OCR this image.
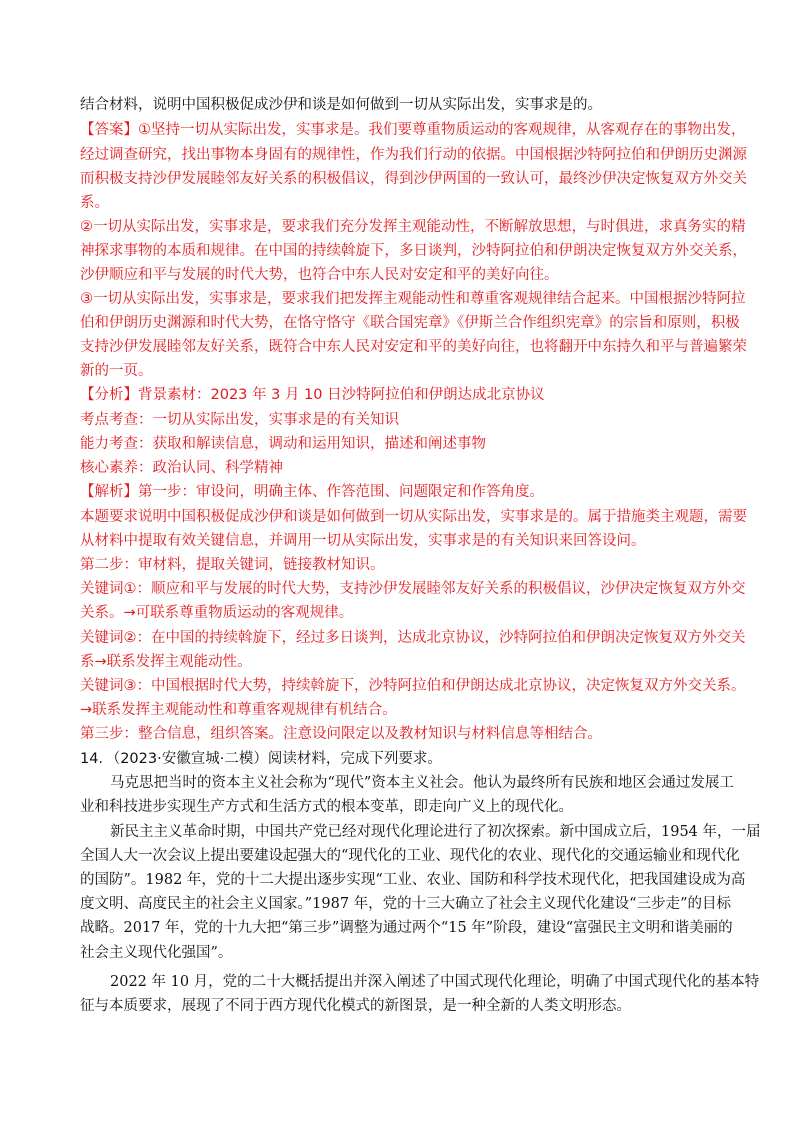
结合材料，说明中国积极促成沙伊和谈是如何做到一切从实际出发，实事求是的。
【答案】①坚持一切从实际出发，实事求是。我们要尊重物质运动的客观规律，从客观存在的事物出发，
经过调查研究，找出事物本身固有的规律性，作为我们行动的依据。中国根据沙特阿拉伯和伊朗历史渊源
而积极支持沙伊发展睦邻友好关系的积极倡议，得到沙伊两国的一致认可，最终沙伊决定恢复双方外交关
系。
②一切从实际出发，实事求是，要求我们充分发挥主观能动性，不断解放思想，与时俱进，求真务实的精
神探求事物的本质和规律。在中国的持续斡旋下，多日谈判，沙特阿拉伯和伊朗决定恢复双方外交关系，
沙伊顺应和平与发展的时代大势，也符合中东人民对安定和平的美好向往。
③一切从实际出发，实事求是，要求我们把发挥主观能动性和尊重客观规律结合起来。中国根据沙特阿拉
伯和伊朗历史渊源和时代大势，在恪守恪守《联合国宪章》《伊斯兰合作组织宪章》的宗旨和原则，积极
支持沙伊发展睦邻友好关系，既符合中东人民对安定和平的美好向往，也将翻开中东持久和平与普遍繁荣
新的一页。
【分析】背景素材：2023 年 3 月 10 日沙特阿拉伯和伊朗达成北京协议
考点考查：一切从实际出发，实事求是的有关知识
能力考查：获取和解读信息，调动和运用知识，描述和阐述事物
核心素养：政治认同、科学精神
【解析】第一步：审设问，明确主体、作答范围、问题限定和作答角度。
本题要求说明中国积极促成沙伊和谈是如何做到一切从实际出发，实事求是的。属于措施类主观题，需要
从材料中提取有效关键信息，并调用一切从实际出发，实事求是的有关知识来回答设问。
第二步：审材料，提取关键词，链接教材知识。
关键词①：顺应和平与发展的时代大势，支持沙伊发展睦邻友好关系的积极倡议，沙伊决定恢复双方外交
关系。→可联系尊重物质运动的客观规律。
关键词②：在中国的持续斡旋下，经过多日谈判，达成北京协议，沙特阿拉伯和伊朗决定恢复双方外交关
系→联系发挥主观能动性。
关键词③：中国根据时代大势，持续斡旋下，沙特阿拉伯和伊朗达成北京协议，决定恢复双方外交关系。
→联系发挥主观能动性和尊重客观规律有机结合。
第三步：整合信息，组织答案。注意设问限定以及教材知识与材料信息等相结合。
14．（2023·安徽宣城·二模）阅读材料，完成下列要求。
马克思把当时的资本主义社会称为“现代”资本主义社会。他认为最终所有民族和地区会通过发展工
业和科技进步实现生产方式和生活方式的根本变革，即走向广义上的现代化。
新民主主义革命时期，中国共产党已经对现代化理论进行了初次探索。新中国成立后，1954 年，一届
全国人大一次会议上提出要建设起强大的“现代化的工业、现代化的农业、现代化的交通运输业和现代化
的国防”。1982 年，党的十二大提出逐步实现“工业、农业、国防和科学技术现代化，把我国建设成为高
度文明、高度民主的社会主义国家。”1987 年，党的十三大确立了社会主义现代化建设“三步走”的目标
战略。2017 年，党的十九大把“第三步”调整为通过两个“15 年”阶段，建设“富强民主文明和谐美丽的
社会主义现代化强国”。
2022 年 10 月，党的二十大概括提出并深入阐述了中国式现代化理论，明确了中国式现代化的基本特
征与本质要求，展现了不同于西方现代化模式的新图景，是一种全新的人类文明形态。
